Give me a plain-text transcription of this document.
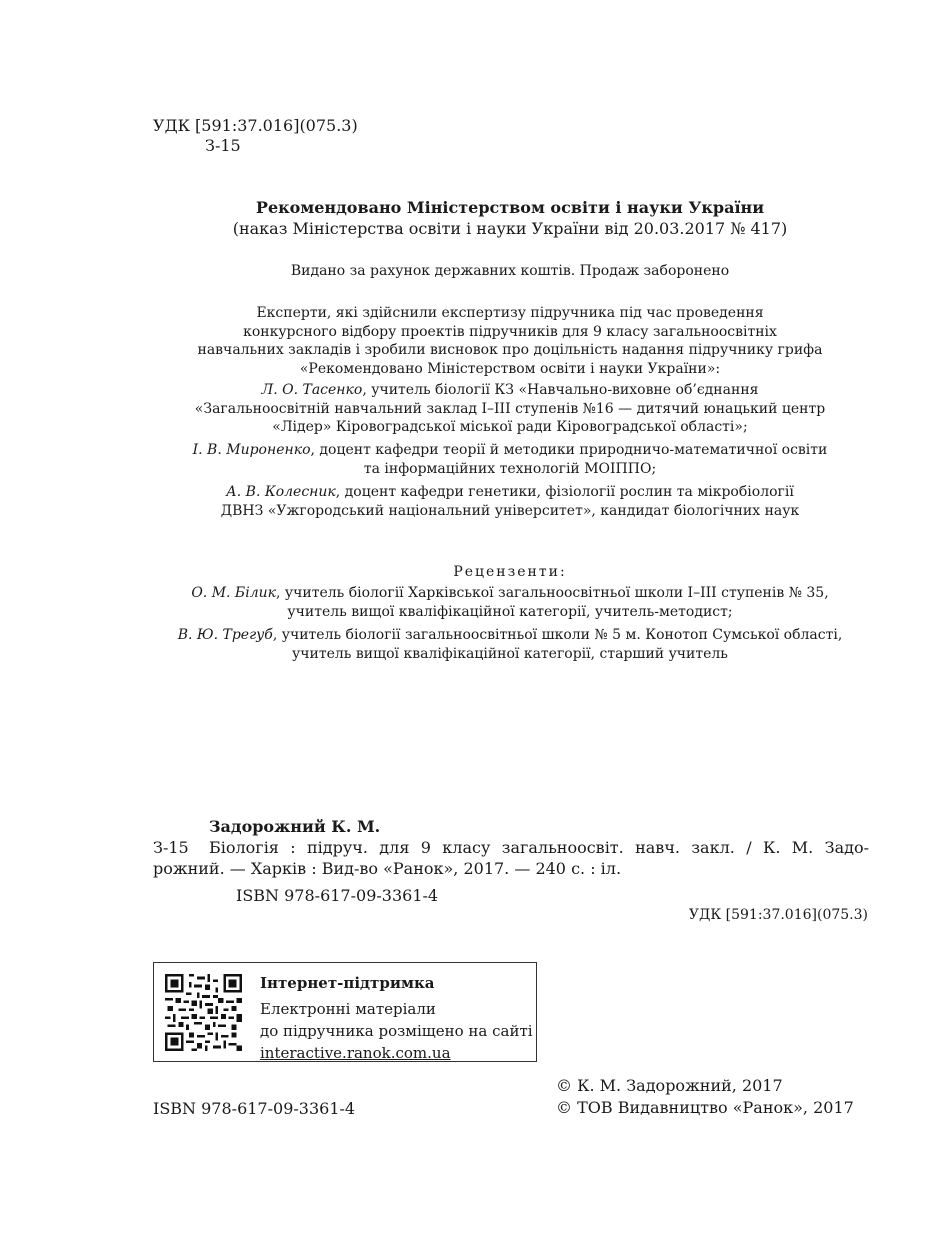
УДК [591:37.016](075.3)
З-15
Рекомендовано Міністерством освіти і науки України
(наказ Міністерства освіти і науки України від 20.03.2017 № 417)
Видано за рахунок державних коштів. Продаж заборонено
Експерти, які здійснили експертизу підручника під час проведення
конкурсного відбору проектів підручників для 9 класу загальноосвітніх
навчальних закладів і зробили висновок про доцільність надання підручнику грифа
«Рекомендовано Міністерством освіти і науки України»:
Л. О. Тасенко, учитель біології КЗ «Навчально-виховне об’єднання
«Загальноосвітній навчальний заклад І–ІІІ ступенів №16 — дитячий юнацький центр
«Лідер» Кіровоградської міської ради Кіровоградської області»;
І. В. Мироненко, доцент кафедри теорії й методики природничо-математичної освіти
та інформаційних технологій МОІППО;
А. В. Колесник, доцент кафедри генетики, фізіології рослин та мікробіології
ДВНЗ «Ужгородський національний університет», кандидат біологічних наук
Рецензенти:
О. М. Білик, учитель біології Харківської загальноосвітньої школи І–ІІІ ступенів № 35,
учитель вищої кваліфікаційної категорії, учитель-методист;
В. Ю. Трегуб, учитель біології загальноосвітньої школи № 5 м. Конотоп Сумської області,
учитель вищої кваліфікаційної категорії, старший учитель
Задорожний К. М.
З-15 Біологія : підруч. для 9 класу загальноосвіт. навч. закл. / К. М. Задо-
рожний. — Харків : Вид-во «Ранок», 2017. — 240 с. : іл.
ISBN 978-617-09-3361-4
УДК [591:37.016](075.3)
Інтернет-підтримка
Електронні матеріали
до підручника розміщено на сайті
interactive.ranok.com.ua
ISBN 978-617-09-3361-4
© К. М. Задорожний, 2017
© ТОВ Видавництво «Ранок», 2017
